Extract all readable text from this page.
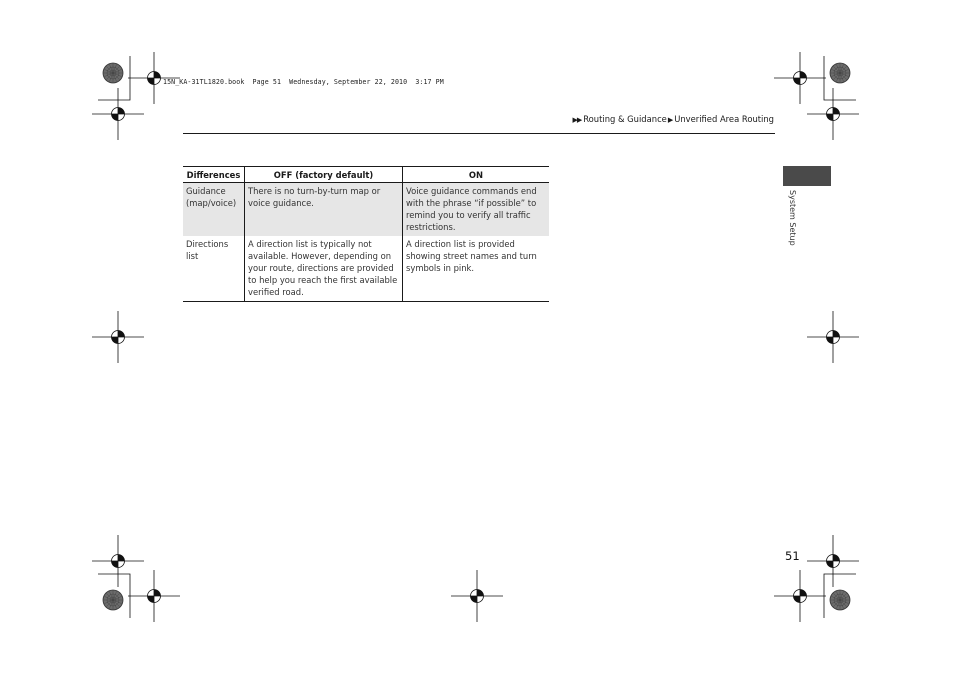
15N_KA-31TL1820.book  Page 51  Wednesday, September 22, 2010  3:17 PM
▶▶ Routing & Guidance▶Unverified Area Routing
System Setup
Differences	OFF (factory default)	ON
Guidance (map/voice)	There is no turn-by-turn map or voice guidance.	Voice guidance commands end with the phrase “if possible” to remind you to verify all traffic restrictions.
Directions list	A direction list is typically not available. However, depending on your route, directions are provided to help you reach the first available verified road.	A direction list is provided showing street names and turn symbols in pink.
51
